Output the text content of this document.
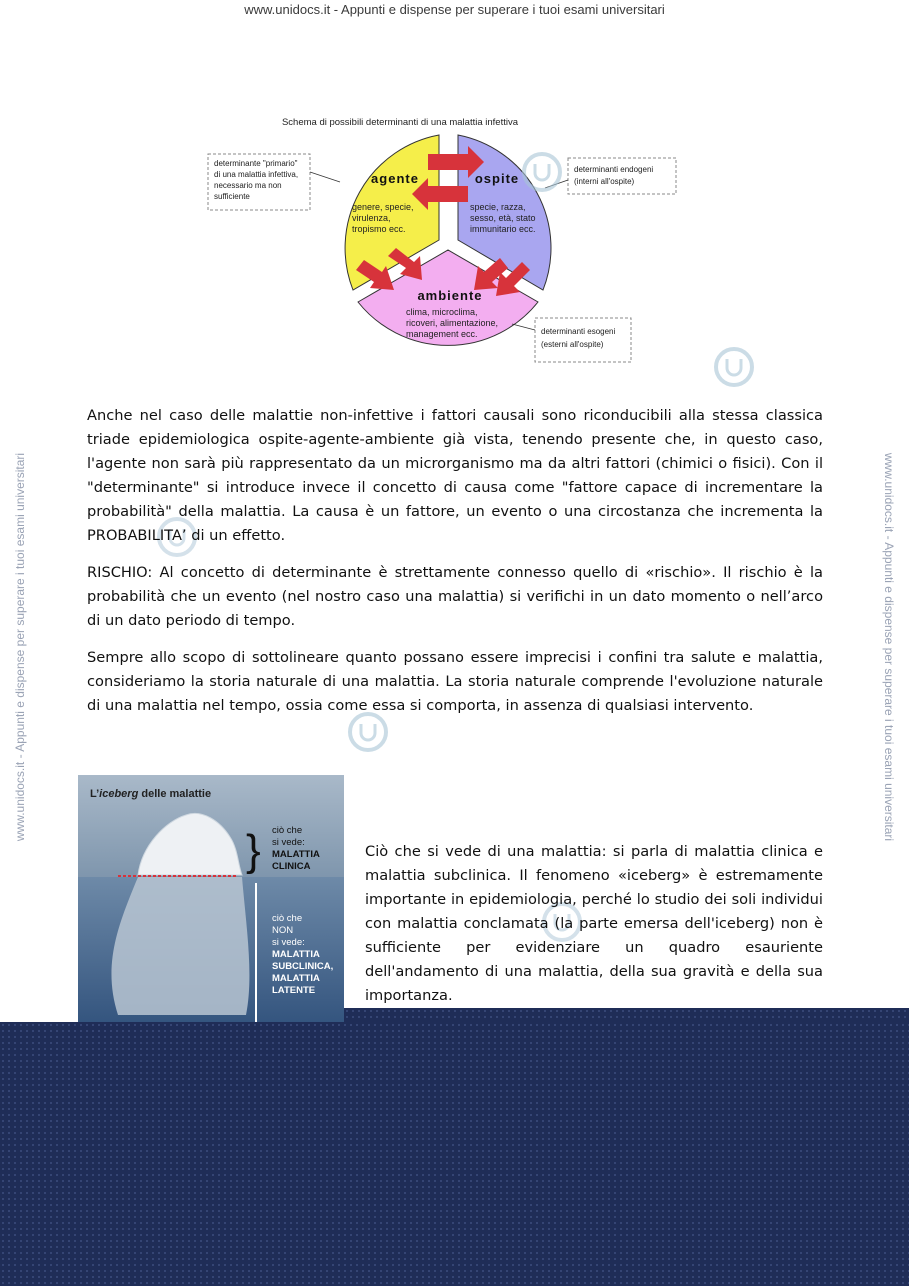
www.unidocs.it - Appunti e dispense per superare i tuoi esami universitari
www.unidocs.it - Appunti e dispense per superare i tuoi esami universitari	www.unidocs.it - Appunti e dispense per superare i tuoi esami universitari
Schema di possibili determinanti di una malattia infettiva
agente
genere, specie, virulenza, tropismo ecc.
ospite
specie, razza, sesso, età, stato immunitario ecc.
ambiente
clima, microclima, ricoveri, alimentazione, management ecc.
determinante "primario" di una malattia infettiva, necessario ma non sufficiente
determinanti endogeni (interni all'ospite)
determinanti esogeni (esterni all'ospite)

Anche nel caso delle malattie non-infettive i fattori causali sono riconducibili alla stessa classica triade epidemiologica ospite-agente-ambiente già vista, tenendo presente che, in questo caso, l'agente non sarà più rappresentato da un microrganismo ma da altri fattori (chimici o fisici). Con il "determinante" si introduce invece il concetto di causa come "fattore capace di incrementare la probabilità" della malattia. La causa è un fattore, un evento o una circostanza che incrementa la PROBABILITA’ di un effetto.

RISCHIO: Al concetto di determinante è strettamente connesso quello di «rischio». Il rischio è la probabilità che un evento (nel nostro caso una malattia) si verifichi in un dato momento o nell’arco di un dato periodo di tempo.

Sempre allo scopo di sottolineare quanto possano essere imprecisi i confini tra salute e malattia, consideriamo la storia naturale di una malattia. La storia naturale comprende l'evoluzione naturale di una malattia nel tempo, ossia come essa si comporta, in assenza di qualsiasi intervento.

L’iceberg delle malattie
} ciò che si vede: MALATTIA CLINICA
ciò che NON si vede: MALATTIA SUBCLINICA, MALATTIA LATENTE

Ciò che si vede di una malattia: si parla di malattia clinica e malattia subclinica. Il fenomeno «iceberg» è estremamente importante in epidemiologia, perché lo studio dei soli individui con malattia conclamata (la parte emersa dell'iceberg) non è sufficiente per evidenziare un quadro esauriente dell'andamento di una malattia, della sua gravità e della sua importanza.
